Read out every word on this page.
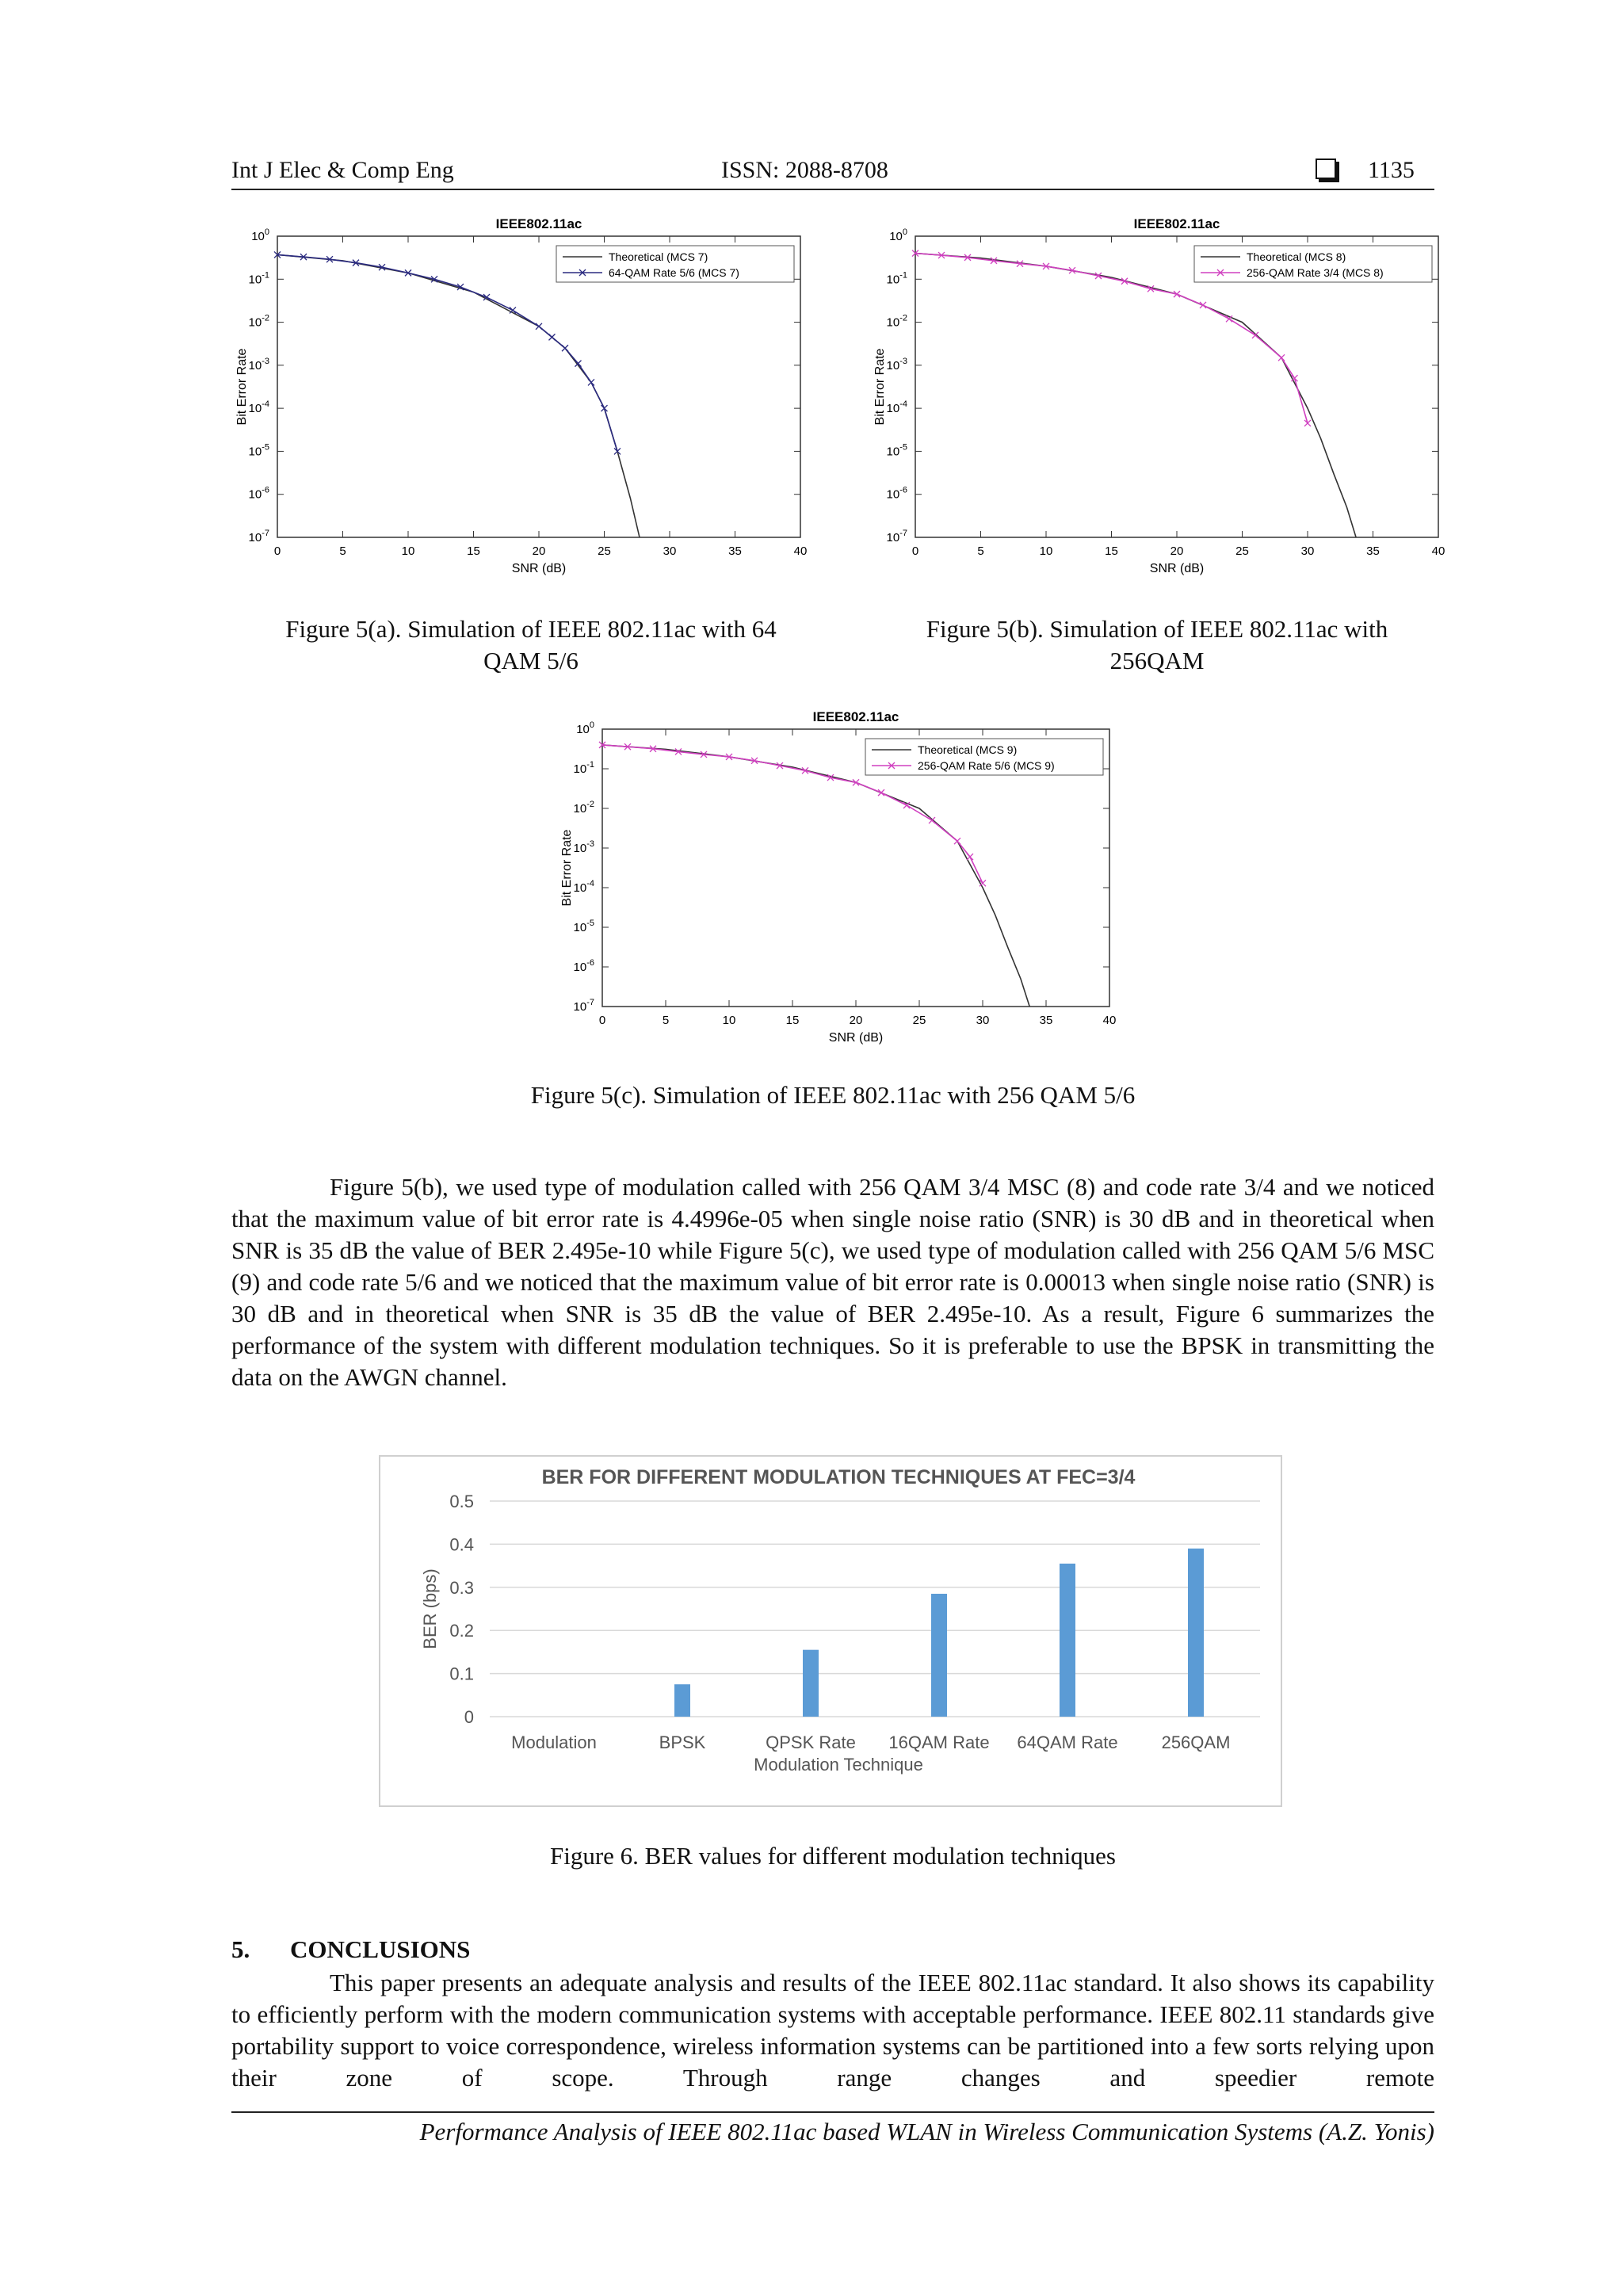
Int J Elec & Comp Eng	ISSN: 2088-8708	1135
IEEE802.11ac
$10^{-7}$
$10^{-6}$
$10^{-5}$
$10^{-4}$
$10^{-3}$
$10^{-2}$
$10^{-1}$
$10^0$
0	5	10	15	20	25	30	35	40
SNR (dB)
Bit Error Rate
Theoretical (MCS 7)
64-QAM Rate 5/6 (MCS 7)
Figure 5(a). Simulation of IEEE 802.11ac with 64
QAM 5/6
IEEE802.11ac
$10^{-7}$
$10^{-6}$
$10^{-5}$
$10^{-4}$
$10^{-3}$
$10^{-2}$
$10^{-1}$
$10^0$
0	5	10	15	20	25	30	35	40
SNR (dB)
Bit Error Rate
Theoretical (MCS 8)
256-QAM Rate 3/4 (MCS 8)
Figure 5(b). Simulation of IEEE 802.11ac with
256QAM
IEEE802.11ac
$10^{-7}$
$10^{-6}$
$10^{-5}$
$10^{-4}$
$10^{-3}$
$10^{-2}$
$10^{-1}$
$10^0$
0	5	10	15	20	25	30	35	40
SNR (dB)
Bit Error Rate
Theoretical (MCS 9)
256-QAM Rate 5/6 (MCS 9)
Figure 5(c). Simulation of IEEE 802.11ac with 256 QAM 5/6
Figure 5(b), we used type of modulation called with 256 QAM 3/4 MSC (8) and code rate 3/4 and we noticed that the maximum value of bit error rate is 4.4996e-05 when single noise ratio (SNR) is 30 dB and in theoretical when SNR is 35 dB the value of BER 2.495e-10 while Figure 5(c), we used type of modulation called with 256 QAM 5/6 MSC (9) and code rate 5/6 and we noticed that the maximum value of bit error rate is 0.00013 when single noise ratio (SNR) is 30 dB and in theoretical when SNR is 35 dB the value of BER 2.495e-10. As a result, Figure 6 summarizes the performance of the system with different modulation techniques. So it is preferable to use the BPSK in transmitting the data on the AWGN channel.
BER FOR DIFFERENT MODULATION TECHNIQUES AT FEC=3/4
0
0.1
0.2
0.3
0.4
0.5
BER (bps)
Modulation	BPSK	QPSK Rate 16QAM Rate 64QAM Rate	256QAM
Modulation Technique
Figure 6. BER values for different modulation techniques
5. CONCLUSIONS
This paper presents an adequate analysis and results of the IEEE 802.11ac standard. It also shows its capability to efficiently perform with the modern communication systems with acceptable performance. IEEE 802.11 standards give portability support to voice correspondence, wireless information systems can be partitioned into a few sorts relying upon their zone of scope. Through range changes and speedier remote
Performance Analysis of IEEE 802.11ac based WLAN in Wireless Communication Systems (A.Z. Yonis)
